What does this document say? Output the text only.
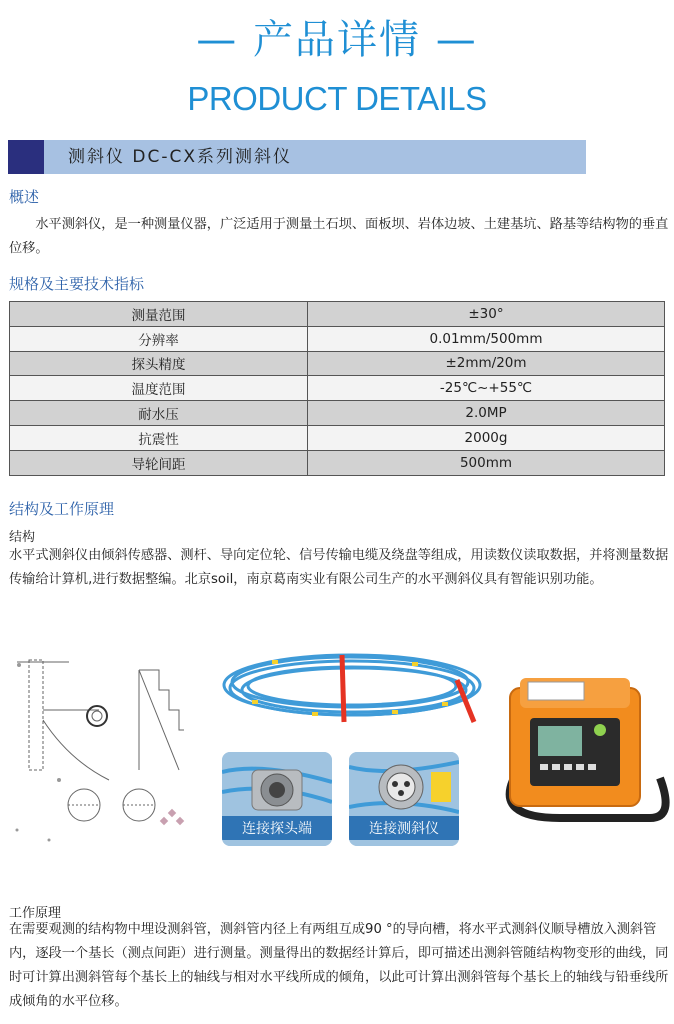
— 产品详情 —
PRODUCT DETAILS
测斜仪 DC-CX系列测斜仪
概述
　　水平测斜仪，是一种测量仪器，广泛适用于测量土石坝、面板坝、岩体边坡、土建基坑、路基等结构物的垂直位移。
规格及主要技术指标
测量范围	±30°
分辨率	0.01mm/500mm
探头精度	±2mm/20m
温度范围	-25℃~+55℃
耐水压	2.0MP
抗震性	2000g
导轮间距	500mm
结构及工作原理
结构
水平式测斜仪由倾斜传感器、测杆、导向定位轮、信号传输电缆及绕盘等组成，用读数仪读取数据，并将测量数据传输给计算机,进行数据整编。北京soil，南京葛南实业有限公司生产的水平测斜仪具有智能识别功能。
连接探头端	连接测斜仪
工作原理
在需要观测的结构物中埋设测斜管，测斜管内径上有两组互成90 °的导向槽，将水平式测斜仪顺导槽放入测斜管内，逐段一个基长（测点间距）进行测量。测量得出的数据经计算后，即可描述出测斜管随结构物变形的曲线，同时可计算出测斜管每个基长上的轴线与相对水平线所成的倾角，以此可计算出测斜管每个基长上的轴线与铅垂线所成倾角的水平位移。
